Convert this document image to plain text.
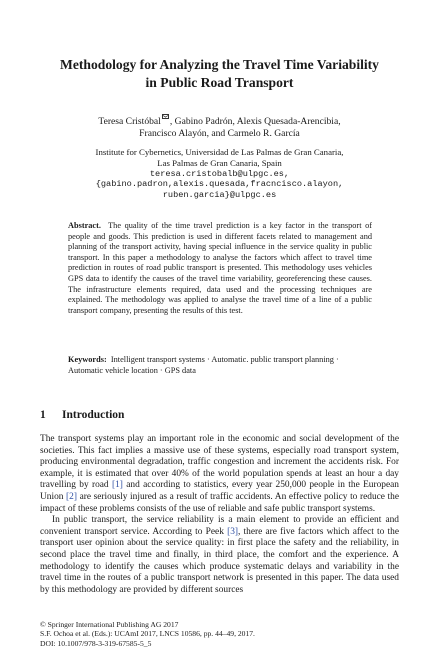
Methodology for Analyzing the Travel Time Variability
in Public Road Transport
Teresa Cristóbal , Gabino Padrón, Alexis Quesada-Arencibia,
Francisco Alayón, and Carmelo R. García
Institute for Cybernetics, Universidad de Las Palmas de Gran Canaria,
Las Palmas de Gran Canaria, Spain
teresa.cristobalb@ulpgc.es,
{gabino.padron,alexis.quesada,fracncisco.alayon,
ruben.garcia}@ulpgc.es
Abstract. The quality of the time travel prediction is a key factor in the transport of people and goods. This prediction is used in different facets related to management and planning of the transport activity, having special influence in the service quality in public transport. In this paper a methodology to analyse the factors which affect to travel time prediction in routes of road public transport is presented. This methodology uses vehicles GPS data to identify the causes of the travel time variability, georeferencing these causes. The infrastructure elements required, data used and the processing techniques are explained. The methodology was applied to analyse the travel time of a line of a public transport company, presenting the results of this test.
Keywords: Intelligent transport systems · Automatic. public transport planning · Automatic vehicle location · GPS data
1 Introduction

The transport systems play an important role in the economic and social development of the societies. This fact implies a massive use of these systems, especially road transport system, producing environmental degradation, traffic congestion and increment the accidents risk. For example, it is estimated that over 40% of the world population spends at least an hour a day travelling by road [1] and according to statistics, every year 250,000 people in the European Union [2] are seriously injured as a result of traffic accidents. An effective policy to reduce the impact of these problems consists of the use of reliable and safe public transport systems.

In public transport, the service reliability is a main element to provide an efficient and convenient transport service. According to Peek [3], there are five factors which affect to the transport user opinion about the service quality: in first place the safety and the reliability, in second place the travel time and finally, in third place, the comfort and the experience. A methodology to identify the causes which produce systematic delays and variability in the travel time in the routes of a public transport network is presented in this paper. The data used by this methodology are provided by different sources

© Springer International Publishing AG 2017
S.F. Ochoa et al. (Eds.): UCAmI 2017, LNCS 10586, pp. 44–49, 2017.
DOI: 10.1007/978-3-319-67585-5_5
